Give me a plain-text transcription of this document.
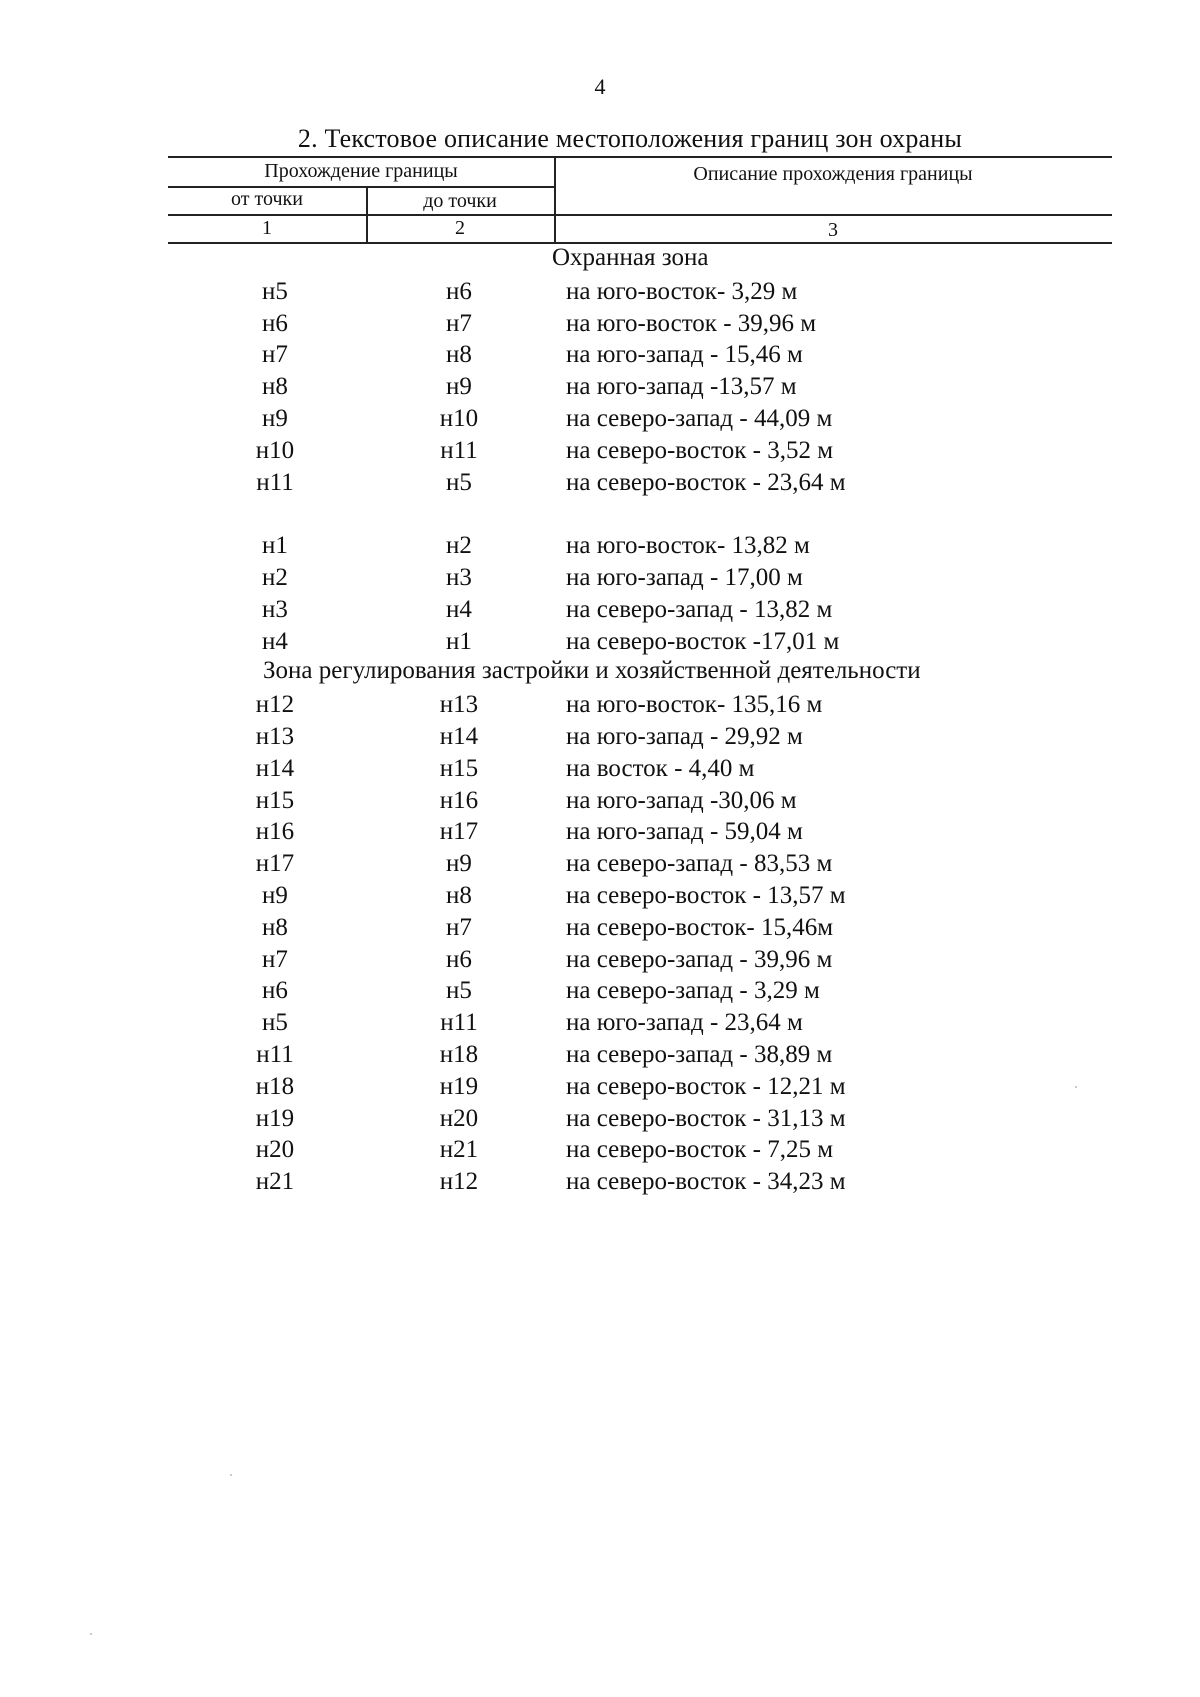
4
2. Текстовое описание местоположения границ зон охраны
Прохождение границы
от точки	до точки
Описание прохождения границы
1	2	3
Охранная зона
н5	н6	на юго-восток- 3,29 м
н6	н7	на юго-восток - 39,96 м
н7	н8	на юго-запад - 15,46 м
н8	н9	на юго-запад -13,57 м
н9	н10	на северо-запад - 44,09 м
н10	н11	на северо-восток - 3,52 м
н11	н5	на северо-восток - 23,64 м
н1	н2	на юго-восток- 13,82 м
н2	н3	на юго-запад - 17,00 м
н3	н4	на северо-запад - 13,82 м
н4	н1	на северо-восток -17,01 м
Зона регулирования застройки и хозяйственной деятельности
н12	н13	на юго-восток- 135,16 м
н13	н14	на юго-запад - 29,92 м
н14	н15	на восток - 4,40 м
н15	н16	на юго-запад -30,06 м
н16	н17	на юго-запад - 59,04 м
н17	н9	на северо-запад - 83,53 м
н9	н8	на северо-восток - 13,57 м
н8	н7	на северо-восток- 15,46м
н7	н6	на северо-запад - 39,96 м
н6	н5	на северо-запад - 3,29 м
н5	н11	на юго-запад - 23,64 м
н11	н18	на северо-запад - 38,89 м
н18	н19	на северо-восток - 12,21 м
н19	н20	на северо-восток - 31,13 м
н20	н21	на северо-восток - 7,25 м
н21	н12	на северо-восток - 34,23 м
